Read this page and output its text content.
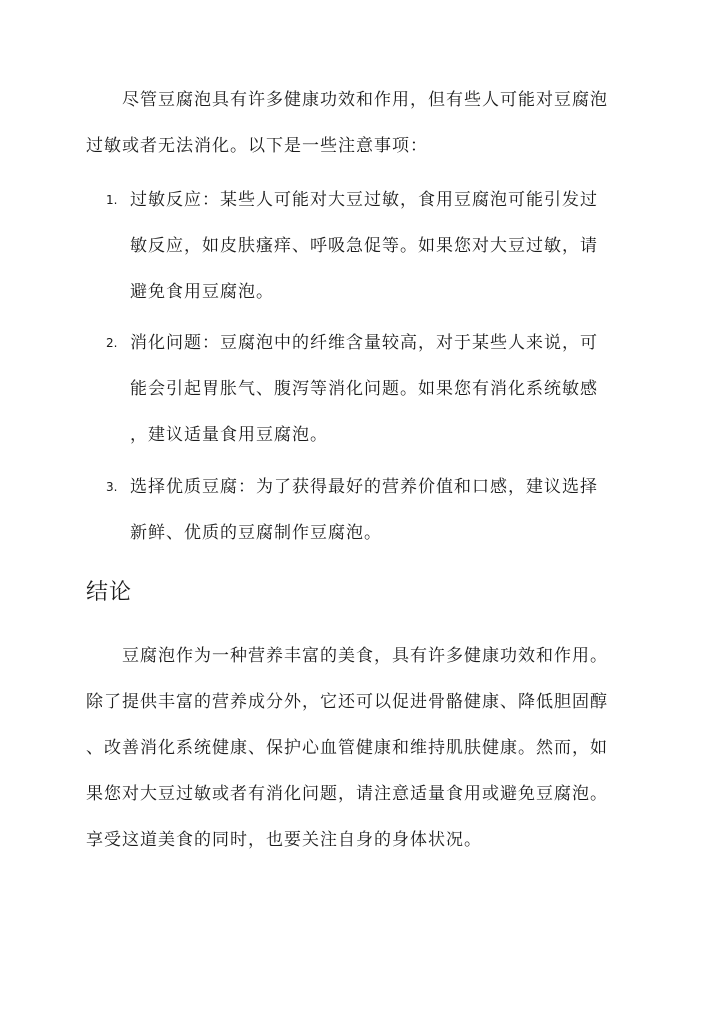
尽管豆腐泡具有许多健康功效和作用，但有些人可能对豆腐泡
过敏或者无法消化。以下是一些注意事项：
1. 过敏反应：某些人可能对大豆过敏，食用豆腐泡可能引发过
敏反应，如皮肤瘙痒、呼吸急促等。如果您对大豆过敏，请
避免食用豆腐泡。
2. 消化问题：豆腐泡中的纤维含量较高，对于某些人来说，可
能会引起胃胀气、腹泻等消化问题。如果您有消化系统敏感
，建议适量食用豆腐泡。
3. 选择优质豆腐：为了获得最好的营养价值和口感，建议选择
新鲜、优质的豆腐制作豆腐泡。
结论
豆腐泡作为一种营养丰富的美食，具有许多健康功效和作用。
除了提供丰富的营养成分外，它还可以促进骨骼健康、降低胆固醇
、改善消化系统健康、保护心血管健康和维持肌肤健康。然而，如
果您对大豆过敏或者有消化问题，请注意适量食用或避免豆腐泡。
享受这道美食的同时，也要关注自身的身体状况。
